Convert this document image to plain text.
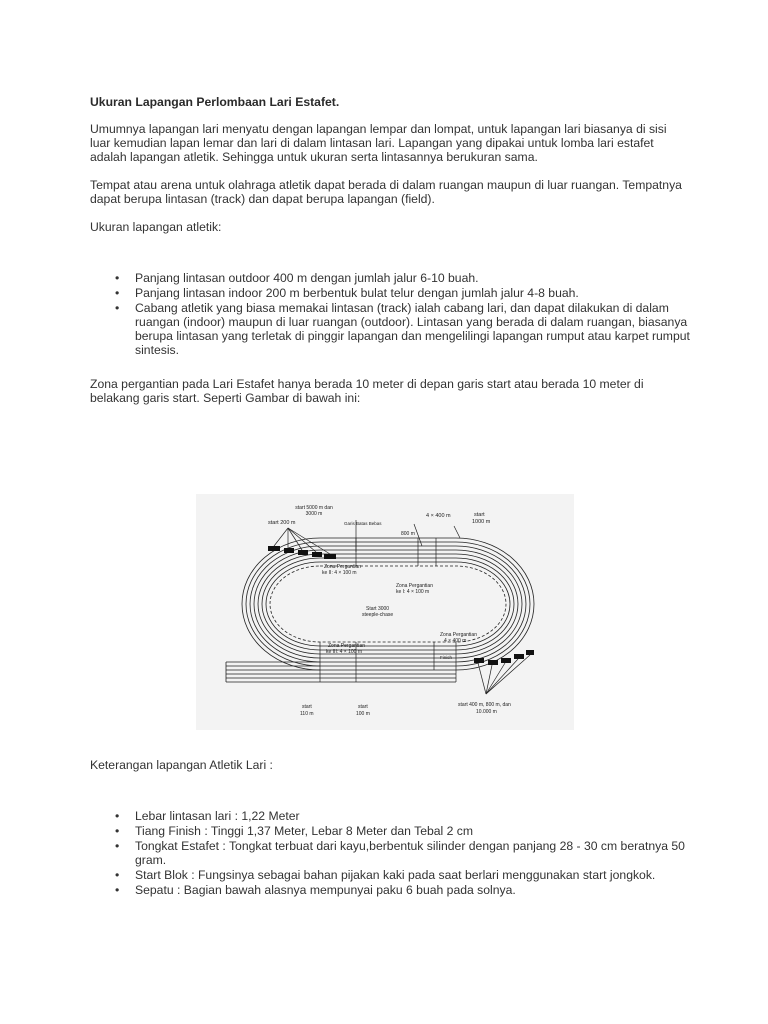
Ukuran Lapangan Perlombaan Lari Estafet.

Umumnya lapangan lari menyatu dengan lapangan lempar dan lompat, untuk lapangan lari biasanya di sisi luar kemudian lapan lemar dan lari di dalam lintasan lari. Lapangan yang dipakai untuk lomba lari estafet adalah lapangan atletik. Sehingga untuk ukuran serta lintasannya berukuran sama.

Tempat atau arena untuk olahraga atletik dapat berada di dalam ruangan maupun di luar ruangan. Tempatnya dapat berupa lintasan (track) dan dapat berupa lapangan (field).

Ukuran lapangan atletik:

• Panjang lintasan outdoor 400 m dengan jumlah jalur 6-10 buah.
• Panjang lintasan indoor 200 m berbentuk bulat telur dengan jumlah jalur 4-8 buah.
• Cabang atletik yang biasa memakai lintasan (track) ialah cabang lari, dan dapat dilakukan di dalam ruangan (indoor) maupun di luar ruangan (outdoor). Lintasan yang berada di dalam ruangan, biasanya berupa lintasan yang terletak di pinggir lapangan dan mengelilingi lapangan rumput atau karpet rumput sintesis.

Zona pergantian pada Lari Estafet hanya berada 10 meter di depan garis start atau berada 10 meter di belakang garis start. Seperti Gambar di bawah ini:

start 5000 m dan
3000 m
start 200 m	Garis Batas Bebas
800 m
4 × 400 m	start
1000 m
Zona Pergantian
ke II: 4 × 100 m
Zona Pergantian
ke I: 4 × 100 m
Start 3000
steeple-chase
Zona Pergantian
4 × 400 m
Zona Pergantian
ke III: 4 × 100 m
Finish
start
110 m
start
100 m
start 400 m, 800 m, dan
10.000 m

Keterangan lapangan Atletik Lari :

• Lebar lintasan lari : 1,22 Meter
• Tiang Finish : Tinggi 1,37 Meter, Lebar 8 Meter dan Tebal 2 cm
• Tongkat Estafet : Tongkat terbuat dari kayu,berbentuk silinder dengan panjang 28 - 30 cm beratnya 50 gram.
• Start Blok : Fungsinya sebagai bahan pijakan kaki pada saat berlari menggunakan start jongkok.
• Sepatu : Bagian bawah alasnya mempunyai paku 6 buah pada solnya.
